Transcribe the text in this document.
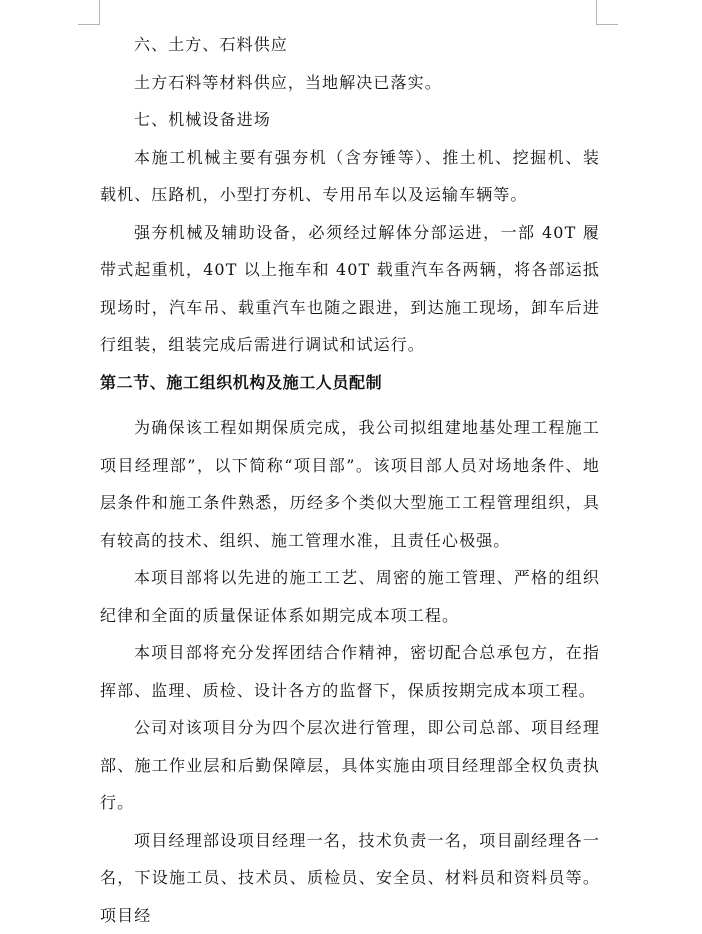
六、土方、石料供应

土方石料等材料供应，当地解决已落实。

七、机械设备进场

本施工机械主要有强夯机（含夯锤等）、推土机、挖掘机、装载机、压路机，小型打夯机、专用吊车以及运输车辆等。

强夯机械及辅助设备，必须经过解体分部运进，一部 40T 履带式起重机，40T 以上拖车和 40T 载重汽车各两辆，将各部运抵现场时，汽车吊、载重汽车也随之跟进，到达施工现场，卸车后进行组装，组装完成后需进行调试和试运行。

第二节、施工组织机构及施工人员配制

为确保该工程如期保质完成，我公司拟组建地基处理工程施工项目经理部”，以下简称“项目部”。该项目部人员对场地条件、地层条件和施工条件熟悉，历经多个类似大型施工工程管理组织，具有较高的技术、组织、施工管理水准，且责任心极强。

本项目部将以先进的施工工艺、周密的施工管理、严格的组织纪律和全面的质量保证体系如期完成本项工程。

本项目部将充分发挥团结合作精神，密切配合总承包方，在指挥部、监理、质检、设计各方的监督下，保质按期完成本项工程。

公司对该项目分为四个层次进行管理，即公司总部、项目经理部、施工作业层和后勤保障层，具体实施由项目经理部全权负责执行。

项目经理部设项目经理一名，技术负责一名，项目副经理各一名，下设施工员、技术员、质检员、安全员、材料员和资料员等。项目经
